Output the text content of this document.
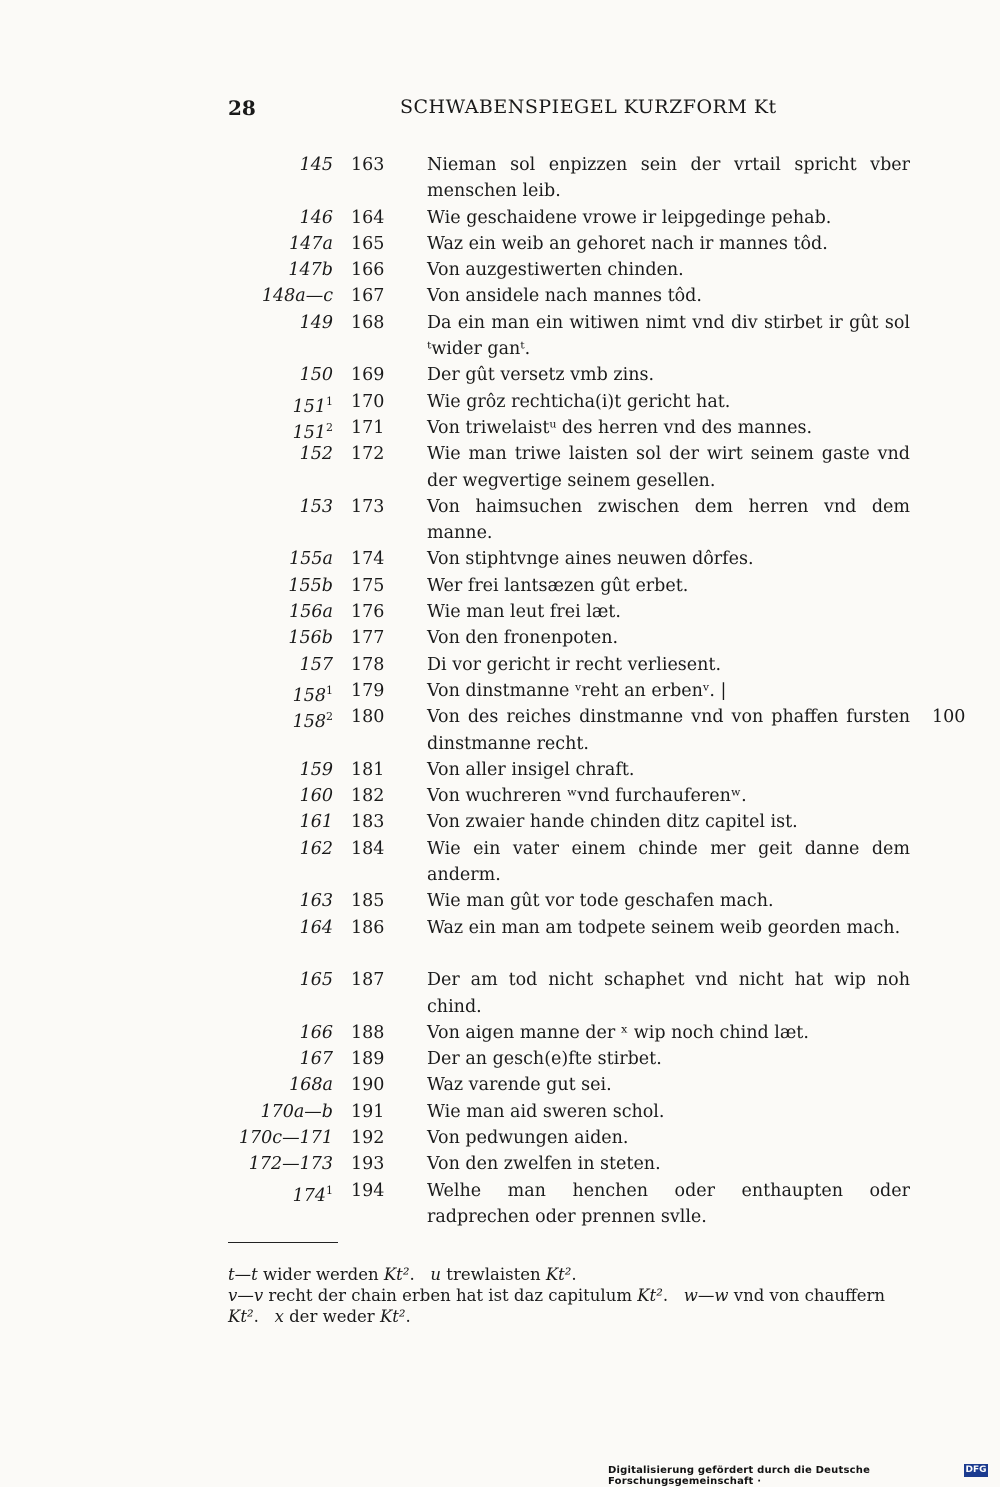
28	SCHWABENSPIEGEL KURZFORM Kt
145 163	Nieman sol enpizzen sein der vrtail spricht vber menschen leib.
146 164	Wie geschaidene vrowe ir leipgedinge pehab.
147a 165	Waz ein weib an gehoret nach ir mannes tôd.
147b 166	Von auzgestiwerten chinden.
148a—c 167	Von ansidele nach mannes tôd.
149 168	Da ein man ein witiwen nimt vnd div stirbet ir gût sol ᵗwider ganᵗ.
150 169	Der gût versetz vmb zins.
$151^1$ 170	Wie grôz rechticha(i)t gericht hat.
$151^2$ 171	Von triwelaistᵘ des herren vnd des mannes.
152 172	Wie man triwe laisten sol der wirt seinem gaste vnd der wegvertige seinem gesellen.
153 173	Von haimsuchen zwischen dem herren vnd dem manne.
155a 174	Von stiphtvnge aines neuwen dôrfes.
155b 175	Wer frei lantsæzen gût erbet.
156a 176	Wie man leut frei læt.
156b 177	Von den fronenpoten.
157 178	Di vor gericht ir recht verliesent.
$158^1$ 179	Von dinstmanne ᵛreht an erbenᵛ. |
$158^2$ 180	Von des reiches dinstmanne vnd von phaffen fursten dinstmanne recht.
100
159 181	Von aller insigel chraft.
160 182	Von wuchreren ʷvnd furchauferenʷ.
161 183	Von zwaier hande chinden ditz capitel ist.
162 184	Wie ein vater einem chinde mer geit danne dem anderm.
163 185	Wie man gût vor tode geschafen mach.
164 186	Waz ein man am todpete seinem weib georden mach.
165 187	Der am tod nicht schaphet vnd nicht hat wip noh chind.
166 188	Von aigen manne der ˣ wip noch chind læt.
167 189	Der an gesch(e)fte stirbet.
168a 190	Waz varende gut sei.
170a—b 191	Wie man aid sweren schol.
170c—171 192	Von pedwungen aiden.
172—173 193	Von den zwelfen in steten.
$174^1$ 194	Welhe man henchen oder enthaupten oder radprechen oder prennen svlle.
t—t wider werden Kt².   u trewlaisten Kt².
v—v recht der chain erben hat ist daz capitulum Kt².   w—w vnd von chauffern
Kt².   x der weder Kt².
Digitalisierung gefördert durch die Deutsche Forschungsgemeinschaft ·
DFG
